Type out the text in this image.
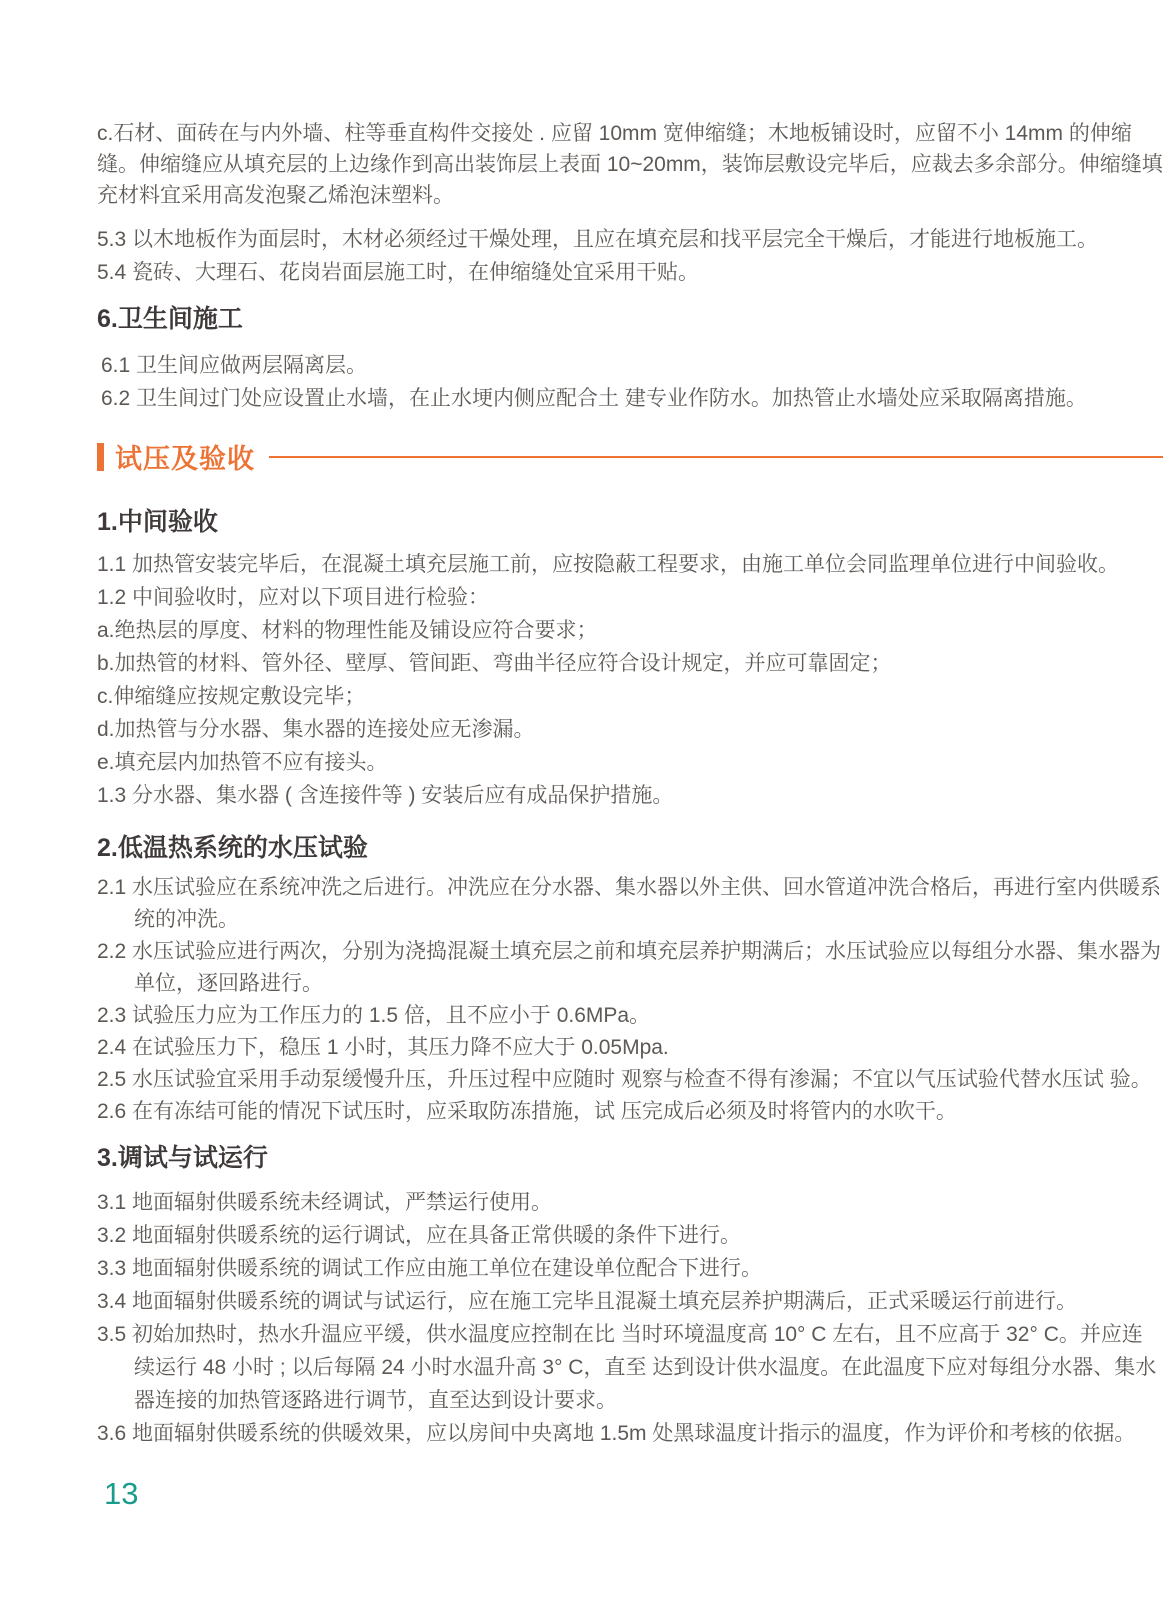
c.石材、面砖在与内外墙、柱等垂直构件交接处 . 应留 10mm 宽伸缩缝；木地板铺设时，应留不小 14mm 的伸缩缝。伸缩缝应从填充层的上边缘作到高出装饰层上表面 10~20mm，装饰层敷设完毕后，应裁去多余部分。伸缩缝填充材料宜采用高发泡聚乙烯泡沫塑料。
5.3 以木地板作为面层时，木材必须经过干燥处理，且应在填充层和找平层完全干燥后，才能进行地板施工。
5.4 瓷砖、大理石、花岗岩面层施工时，在伸缩缝处宜采用干贴。
6.卫生间施工
6.1 卫生间应做两层隔离层。
6.2 卫生间过门处应设置止水墙，在止水埂内侧应配合土 建专业作防水。加热管止水墙处应采取隔离措施。
试压及验收
1.中间验收
1.1 加热管安装完毕后，在混凝土填充层施工前，应按隐蔽工程要求，由施工单位会同监理单位进行中间验收。
1.2 中间验收时，应对以下项目进行检验：
a.绝热层的厚度、材料的物理性能及铺设应符合要求；
b.加热管的材料、管外径、壁厚、管间距、弯曲半径应符合设计规定，并应可靠固定；
c.伸缩缝应按规定敷设完毕；
d.加热管与分水器、集水器的连接处应无渗漏。
e.填充层内加热管不应有接头。
1.3 分水器、集水器 ( 含连接件等 ) 安装后应有成品保护措施。
2.低温热系统的水压试验
2.1 水压试验应在系统冲洗之后进行。冲洗应在分水器、集水器以外主供、回水管道冲洗合格后，再进行室内供暖系统的冲洗。
2.2 水压试验应进行两次，分别为浇捣混凝土填充层之前和填充层养护期满后；水压试验应以每组分水器、集水器为单位，逐回路进行。
2.3 试验压力应为工作压力的 1.5 倍，且不应小于 0.6MPa。
2.4 在试验压力下，稳压 1 小时，其压力降不应大于 0.05Mpa.
2.5 水压试验宜采用手动泵缓慢升压，升压过程中应随时 观察与检查不得有渗漏；不宜以气压试验代替水压试 验。
2.6 在有冻结可能的情况下试压时，应采取防冻措施，试 压完成后必须及时将管内的水吹干。
3.调试与试运行
3.1 地面辐射供暖系统未经调试，严禁运行使用。
3.2 地面辐射供暖系统的运行调试，应在具备正常供暖的条件下进行。
3.3 地面辐射供暖系统的调试工作应由施工单位在建设单位配合下进行。
3.4 地面辐射供暖系统的调试与试运行，应在施工完毕且混凝土填充层养护期满后，正式采暖运行前进行。
3.5 初始加热时，热水升温应平缓，供水温度应控制在比 当时环境温度高 10° C 左右，且不应高于 32° C。并应连 续运行 48 小时 ; 以后每隔 24 小时水温升高 3° C，直至 达到设计供水温度。在此温度下应对每组分水器、集水器连接的加热管逐路进行调节，直至达到设计要求。
3.6 地面辐射供暖系统的供暖效果，应以房间中央离地 1.5m 处黑球温度计指示的温度，作为评价和考核的依据。
13
